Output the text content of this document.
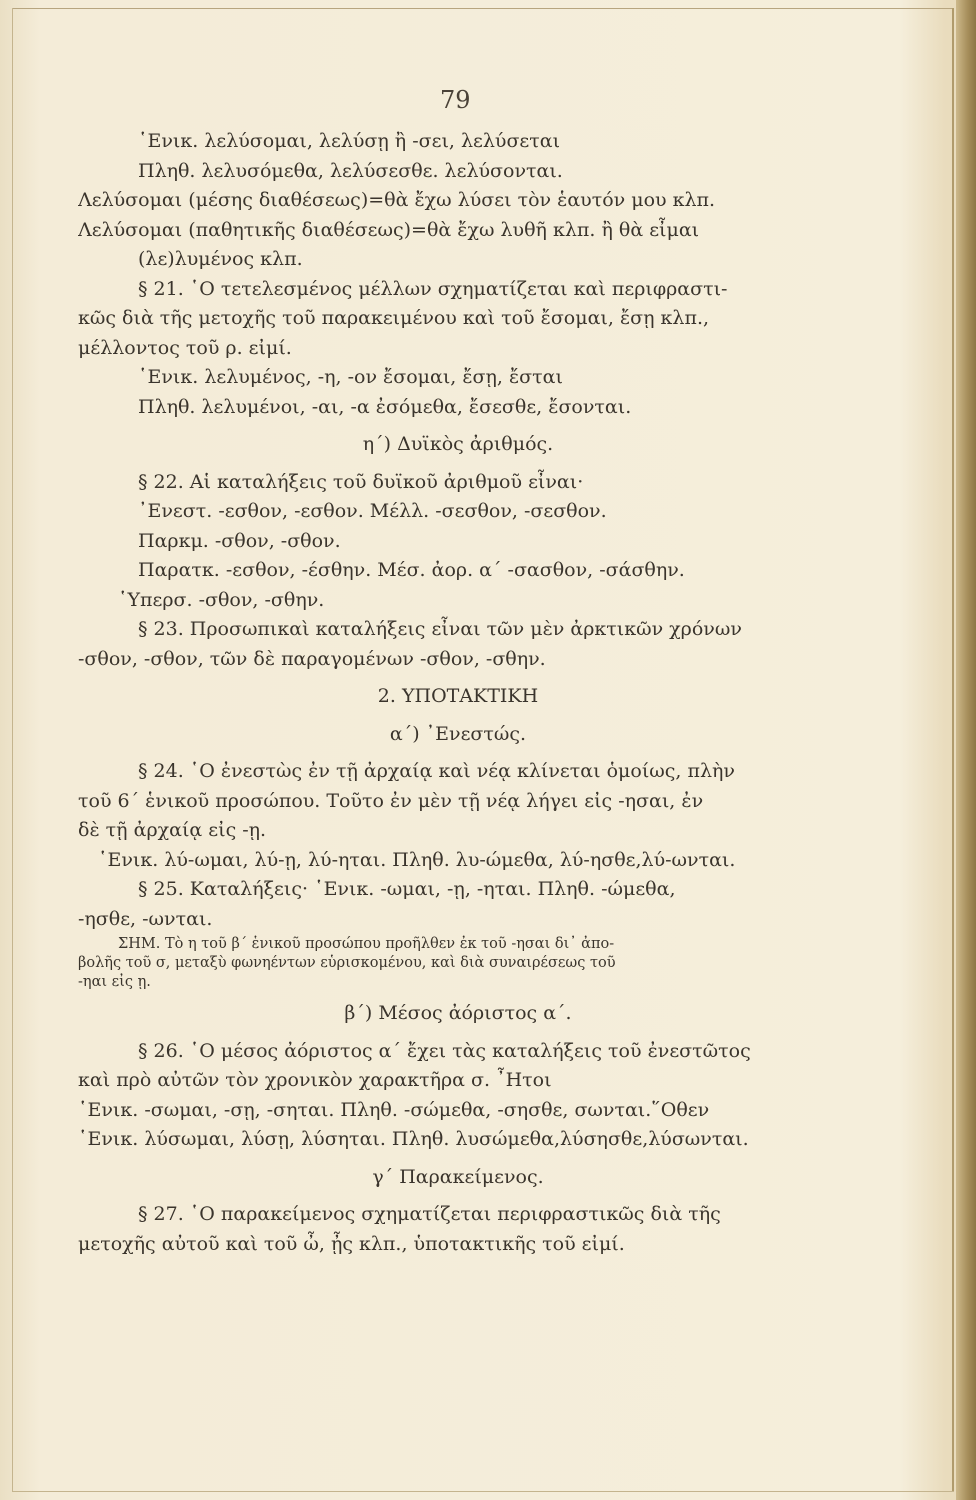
79
῾Ενικ. λελύσομαι, λελύσῃ ἢ -σει, λελύσεται
Πληθ. λελυσόμεθα, λελύσεσθε. λελύσονται.
Λελύσομαι (μέσης διαθέσεως)=θὰ ἔχω λύσει τὸν ἑαυτόν μου κλπ.
Λελύσομαι (παθητικῆς διαθέσεως)=θὰ ἔχω λυθῆ κλπ. ἢ θὰ εἶμαι
(λε)λυμένος κλπ.
§ 21. ῾Ο τετελεσμένος μέλλων σχηματίζεται καὶ περιφραστι-
κῶς διὰ τῆς μετοχῆς τοῦ παρακειμένου καὶ τοῦ ἔσομαι, ἔσῃ κλπ.,
μέλλοντος τοῦ ρ. εἰμί.
῾Ενικ. λελυμένος, -η, -ον ἔσομαι, ἔσῃ, ἔσται
Πληθ. λελυμένοι, -αι, -α ἐσόμεθα, ἔσεσθε, ἔσονται.
η΄) Δυϊκὸς ἀριθμός.
§ 22. Αἱ καταλήξεις τοῦ δυϊκοῦ ἀριθμοῦ εἶναι·
᾿Ενεστ. -εσθον, -εσθον. Μέλλ. -σεσθον, -σεσθον.
Παρκμ. -σθον, -σθον.
Παρατκ. -εσθον, -έσθην. Μέσ. ἀορ. α΄ -σασθον, -σάσθην.
῾Υπερσ. -σθον, -σθην.
§ 23. Προσωπικαὶ καταλήξεις εἶναι τῶν μὲν ἀρκτικῶν χρόνων
-σθον, -σθον, τῶν δὲ παραγομένων -σθον, -σθην.
2. ΥΠΟΤΑΚΤΙΚΗ
α΄) ᾿Ενεστώς.
§ 24. ῾Ο ἐνεστὼς ἐν τῇ ἀρχαίᾳ καὶ νέᾳ κλίνεται ὁμοίως, πλὴν
τοῦ 6΄ ἑνικοῦ προσώπου. Τοῦτο ἐν μὲν τῇ νέᾳ λήγει εἰς -ησαι, ἐν
δὲ τῇ ἀρχαίᾳ εἰς -ῃ.
῾Ενικ. λύ-ωμαι, λύ-ῃ, λύ-ηται. Πληθ. λυ-ώμεθα, λύ-ησθε,λύ-ωνται.
§ 25. Καταλήξεις· ῾Ενικ. -ωμαι, -ῃ, -ηται. Πληθ. -ώμεθα,
-ησθε, -ωνται.
ΣΗΜ. Τὸ η τοῦ β΄ ἑνικοῦ προσώπου προῆλθεν ἐκ τοῦ -ησαι δι᾿ ἀπο-
βολῆς τοῦ σ, μεταξὺ φωνηέντων εὑρισκομένου, καὶ διὰ συναιρέσεως τοῦ
-ηαι εἰς ῃ.
β΄) Μέσος ἀόριστος α΄.
§ 26. ῾Ο μέσος ἀόριστος α΄ ἔχει τὰς καταλήξεις τοῦ ἐνεστῶτος
καὶ πρὸ αὐτῶν τὸν χρονικὸν χαρακτῆρα σ. ῏Ητοι
῾Ενικ. -σωμαι, -σῃ, -σηται. Πληθ. -σώμεθα, -σησθε, σωνται.῞Οθεν
῾Ενικ. λύσωμαι, λύσῃ, λύσηται. Πληθ. λυσώμεθα,λύσησθε,λύσωνται.
γ΄ Παρακείμενος.
§ 27. ῾Ο παρακείμενος σχηματίζεται περιφραστικῶς διὰ τῆς
μετοχῆς αὐτοῦ καὶ τοῦ ὦ, ᾖς κλπ., ὑποτακτικῆς τοῦ εἰμί.
